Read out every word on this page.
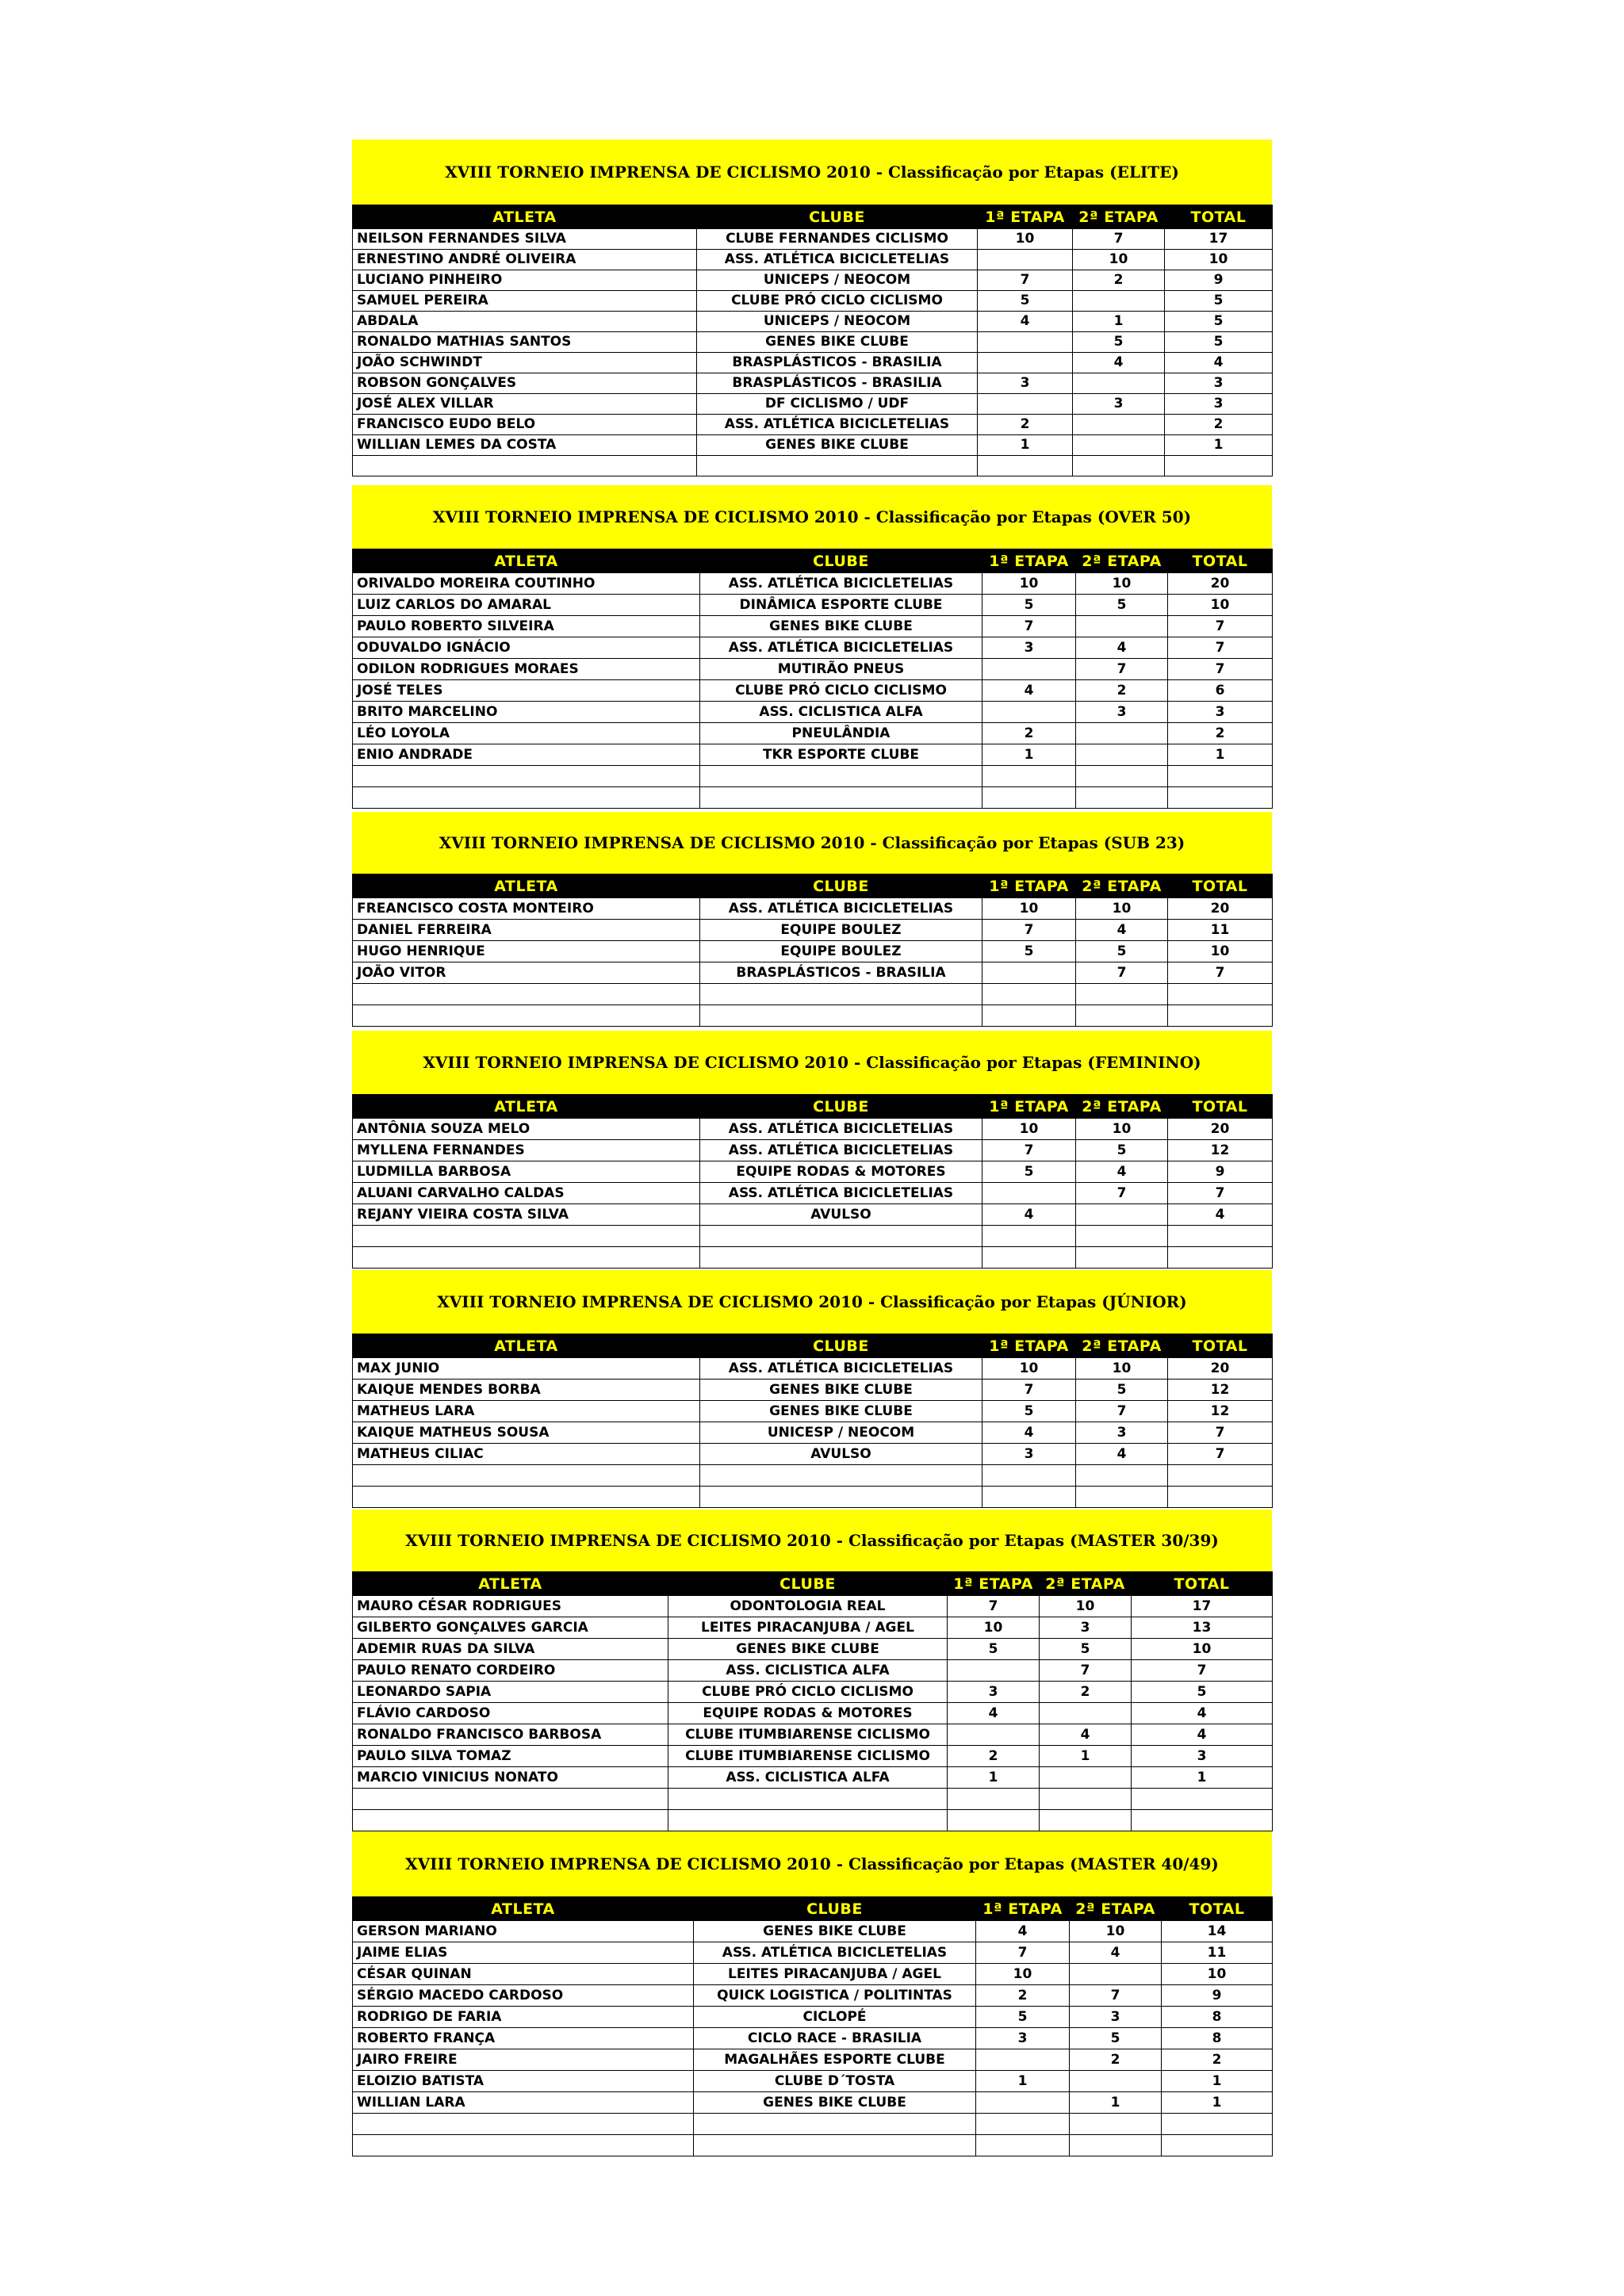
XVIII TORNEIO IMPRENSA DE CICLISMO 2010 - Classificação por Etapas (ELITE)
ATLETA	CLUBE	1ª ETAPA	2ª ETAPA	TOTAL
NEILSON FERNANDES SILVA	CLUBE FERNANDES CICLISMO	10	7	17
ERNESTINO ANDRÉ OLIVEIRA	ASS. ATLÉTICA BICICLETELIAS		10	10
LUCIANO PINHEIRO	UNICEPS / NEOCOM	7	2	9
SAMUEL PEREIRA	CLUBE PRÓ CICLO CICLISMO	5		5
ABDALA	UNICEPS / NEOCOM	4	1	5
RONALDO MATHIAS SANTOS	GENES BIKE CLUBE		5	5
JOÃO SCHWINDT	BRASPLÁSTICOS - BRASILIA		4	4
ROBSON GONÇALVES	BRASPLÁSTICOS - BRASILIA	3		3
JOSÉ ALEX VILLAR	DF CICLISMO / UDF		3	3
FRANCISCO EUDO BELO	ASS. ATLÉTICA BICICLETELIAS	2		2
WILLIAN LEMES DA COSTA	GENES BIKE CLUBE	1		1

XVIII TORNEIO IMPRENSA DE CICLISMO 2010 - Classificação por Etapas (OVER 50)
ATLETA	CLUBE	1ª ETAPA	2ª ETAPA	TOTAL
ORIVALDO MOREIRA COUTINHO	ASS. ATLÉTICA BICICLETELIAS	10	10	20
LUIZ CARLOS DO AMARAL	DINÂMICA ESPORTE CLUBE	5	5	10
PAULO ROBERTO SILVEIRA	GENES BIKE CLUBE	7		7
ODUVALDO IGNÁCIO	ASS. ATLÉTICA BICICLETELIAS	3	4	7
ODILON RODRIGUES MORAES	MUTIRÃO PNEUS		7	7
JOSÉ TELES	CLUBE PRÓ CICLO CICLISMO	4	2	6
BRITO MARCELINO	ASS. CICLISTICA ALFA		3	3
LÉO LOYOLA	PNEULÂNDIA	2		2
ENIO ANDRADE	TKR ESPORTE CLUBE	1		1

XVIII TORNEIO IMPRENSA DE CICLISMO 2010 - Classificação por Etapas (SUB 23)
ATLETA	CLUBE	1ª ETAPA	2ª ETAPA	TOTAL
FREANCISCO COSTA MONTEIRO	ASS. ATLÉTICA BICICLETELIAS	10	10	20
DANIEL FERREIRA	EQUIPE BOULEZ	7	4	11
HUGO HENRIQUE	EQUIPE BOULEZ	5	5	10
JOÃO VITOR	BRASPLÁSTICOS - BRASILIA		7	7

XVIII TORNEIO IMPRENSA DE CICLISMO 2010 - Classificação por Etapas (FEMININO)
ATLETA	CLUBE	1ª ETAPA	2ª ETAPA	TOTAL
ANTÔNIA SOUZA MELO	ASS. ATLÉTICA BICICLETELIAS	10	10	20
MYLLENA FERNANDES	ASS. ATLÉTICA BICICLETELIAS	7	5	12
LUDMILLA BARBOSA	EQUIPE RODAS & MOTORES	5	4	9
ALUANI CARVALHO CALDAS	ASS. ATLÉTICA BICICLETELIAS		7	7
REJANY VIEIRA COSTA SILVA	AVULSO	4		4

XVIII TORNEIO IMPRENSA DE CICLISMO 2010 - Classificação por Etapas (JÚNIOR)
ATLETA	CLUBE	1ª ETAPA	2ª ETAPA	TOTAL
MAX JUNIO	ASS. ATLÉTICA BICICLETELIAS	10	10	20
KAIQUE MENDES BORBA	GENES BIKE CLUBE	7	5	12
MATHEUS LARA	GENES BIKE CLUBE	5	7	12
KAIQUE MATHEUS SOUSA	UNICESP / NEOCOM	4	3	7
MATHEUS CILIAC	AVULSO	3	4	7

XVIII TORNEIO IMPRENSA DE CICLISMO 2010 - Classificação por Etapas (MASTER 30/39)
ATLETA	CLUBE	1ª ETAPA	2ª ETAPA	TOTAL
MAURO CÉSAR RODRIGUES	ODONTOLOGIA REAL	7	10	17
GILBERTO GONÇALVES GARCIA	LEITES PIRACANJUBA / AGEL	10	3	13
ADEMIR RUAS DA SILVA	GENES BIKE CLUBE	5	5	10
PAULO RENATO CORDEIRO	ASS. CICLISTICA ALFA		7	7
LEONARDO SAPIA	CLUBE PRÓ CICLO CICLISMO	3	2	5
FLÁVIO CARDOSO	EQUIPE RODAS & MOTORES	4		4
RONALDO FRANCISCO BARBOSA	CLUBE ITUMBIARENSE CICLISMO		4	4
PAULO SILVA TOMAZ	CLUBE ITUMBIARENSE CICLISMO	2	1	3
MARCIO VINICIUS NONATO	ASS. CICLISTICA ALFA	1		1

XVIII TORNEIO IMPRENSA DE CICLISMO 2010 - Classificação por Etapas (MASTER 40/49)
ATLETA	CLUBE	1ª ETAPA	2ª ETAPA	TOTAL
GERSON MARIANO	GENES BIKE CLUBE	4	10	14
JAIME ELIAS	ASS. ATLÉTICA BICICLETELIAS	7	4	11
CÉSAR QUINAN	LEITES PIRACANJUBA / AGEL	10		10
SÉRGIO MACEDO CARDOSO	QUICK LOGISTICA / POLITINTAS	2	7	9
RODRIGO DE FARIA	CICLOPÉ	5	3	8
ROBERTO FRANÇA	CICLO RACE - BRASILIA	3	5	8
JAIRO FREIRE	MAGALHÃES ESPORTE CLUBE		2	2
ELOIZIO BATISTA	CLUBE D´TOSTA	1		1
WILLIAN LARA	GENES BIKE CLUBE		1	1
